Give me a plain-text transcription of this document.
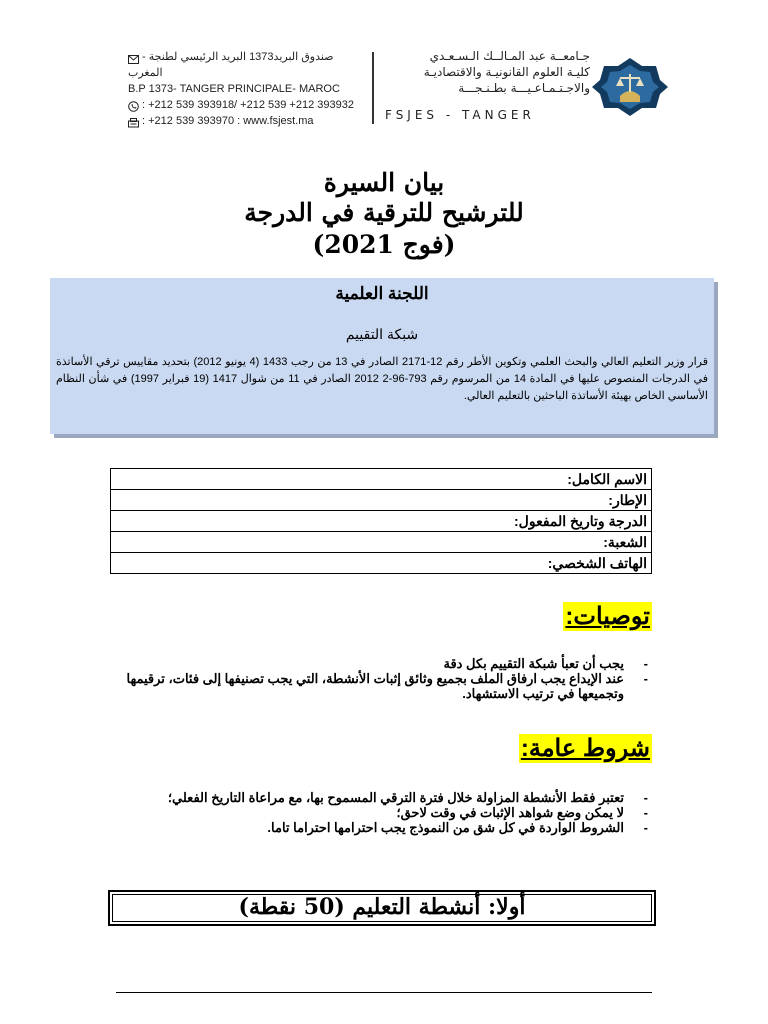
جـامعــة عبد المـالــك الـسـعـدي
كليـة العلوم القانونيـة والاقتصاديـة
والاجـتـمـاعـيـــة بطـنـجـــة
FSJES - TANGER
صندوق البريد1373 البريد الرئيسي لطنجة - المغرب
B.P 1373- TANGER PRINCIPALE- MAROC
: +212 539 393918/ +212 539 +212 393932
: +212 539 393970 : www.fsjest.ma
بيان السيرة
للترشيح للترقية في الدرجة
(فوج 2021)
اللجنة العلمية
شبكة التقييم
قرار وزير التعليم العالي والبحث العلمي وتكوين الأطر رقم 12-2171 الصادر في 13 من رجب 1433 (4 يونيو 2012) بتحديد مقاييس ترقي الأساتذة في الدرجات المنصوص عليها في المادة 14 من المرسوم رقم 793-96-2 2012 الصادر في 11 من شوال 1417 (19 فبراير 1997) في شأن النظام الأساسي الخاص بهيئة الأساتذة الباحثين بالتعليم العالي.
الاسم الكامل:
الإطار:
الدرجة وتاريخ المفعول:
الشعبة:
الهاتف الشخصي:
توصيات:
- يجب أن تعبأ شبكة التقييم بكل دقة
- عند الإيداع يجب ارفاق الملف بجميع وثائق إثبات الأنشطة، التي يجب تصنيفها إلى فئات، ترقيمها وتجميعها في ترتيب الاستشهاد.
شروط عامة:
- تعتبر فقط الأنشطة المزاولة خلال فترة الترقي المسموح بها، مع مراعاة التاريخ الفعلي؛
- لا يمكن وضع شواهد الإثبات في وقت لاحق؛
- الشروط الواردة في كل شق من النموذج يجب احترامها احتراما تاما.
أولا: أنشطة التعليم (50 نقطة)
